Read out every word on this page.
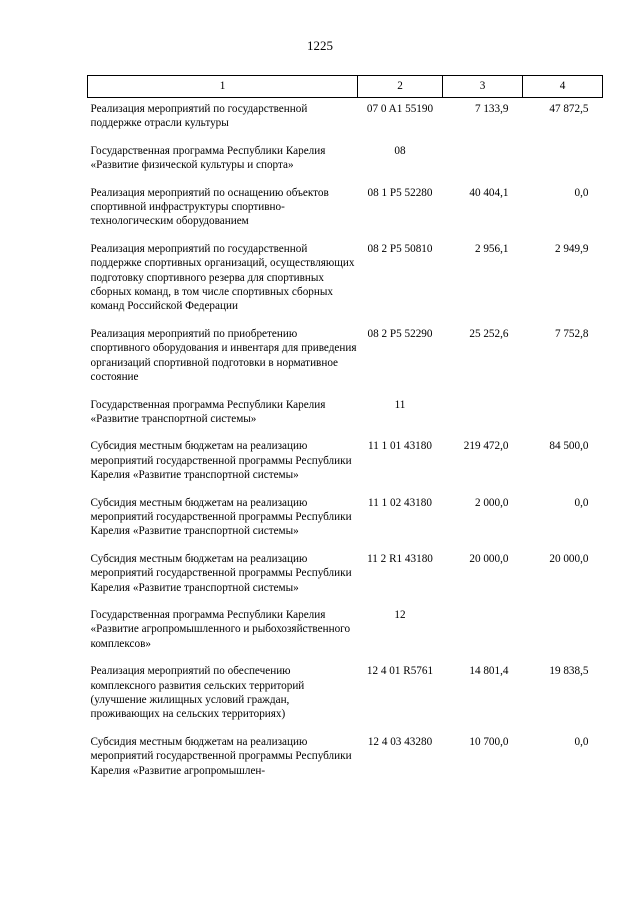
1225
1	2	3	4
Реализация мероприятий по государственной поддержке отрасли культуры	07 0 A1 55190	7 133,9	47 872,5
Государственная программа Республики Карелия «Развитие физической культуры и спорта»	08		
Реализация мероприятий по оснащению объектов спортивной инфраструктуры спортивно-технологическим оборудованием	08 1 P5 52280	40 404,1	0,0
Реализация мероприятий по государственной поддержке спортивных организаций, осуществляющих подготовку спортивного резерва для спортивных сборных команд, в том числе спортивных сборных команд Российской Федерации	08 2 P5 50810	2 956,1	2 949,9
Реализация мероприятий по приобретению спортивного оборудования и инвентаря для приведения организаций спортивной подготовки в нормативное состояние	08 2 P5 52290	25 252,6	7 752,8
Государственная программа Республики Карелия «Развитие транспортной системы»	11		
Субсидия местным бюджетам на реализацию мероприятий государственной программы Республики Карелия «Развитие транспортной системы»	11 1 01 43180	219 472,0	84 500,0
Субсидия местным бюджетам на реализацию мероприятий государственной программы Республики Карелия «Развитие транспортной системы»	11 1 02 43180	2 000,0	0,0
Субсидия местным бюджетам на реализацию мероприятий государственной программы Республики Карелия «Развитие транспортной системы»	11 2 R1 43180	20 000,0	20 000,0
Государственная программа Республики Карелия «Развитие агропромышленного и рыбохозяйственного комплексов»	12		
Реализация мероприятий по обеспечению комплексного развития сельских территорий (улучшение жилищных условий граждан, проживающих на сельских территориях)	12 4 01 R5761	14 801,4	19 838,5
Субсидия местным бюджетам на реализацию мероприятий государственной программы Республики Карелия «Развитие агропромышлен-	12 4 03 43280	10 700,0	0,0
